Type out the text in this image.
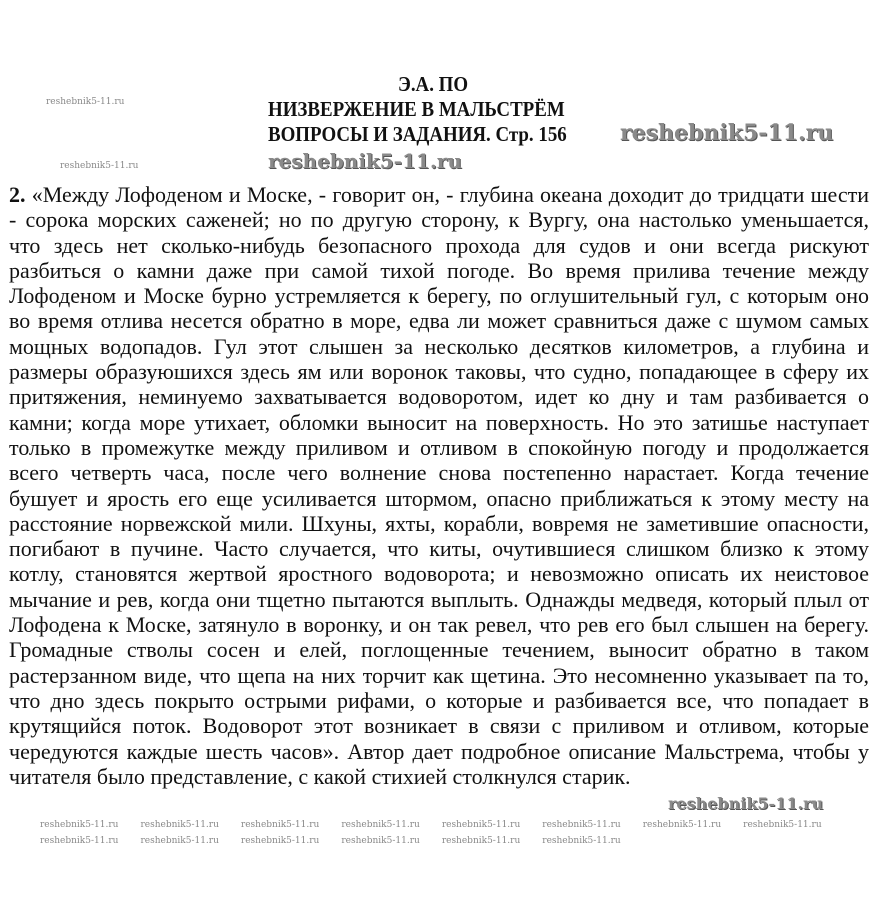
Э.А. ПО
НИЗВЕРЖЕНИЕ В МАЛЬСТРЁМ
ВОПРОСЫ И ЗАДАНИЯ. Стр. 156 reshebnik5-11.ru
reshebnik5-11.ru
reshebnik5-11.ru
reshebnik5-11.ru
2. «Между Лофоденом и Моске, - говорит он, - глубина океана доходит до тридцати шести
- сорока морских саженей; но по другую сторону, к Вургу, она настолько уменьшается,
что здесь нет сколько-нибудь безопасного прохода для судов и они всегда рискуют
разбиться о камни даже при самой тихой погоде. Во время прилива течение между
Лофоденом и Моске бурно устремляется к берегу, по оглушительный гул, с которым оно
во время отлива несется обратно в море, едва ли может сравниться даже с шумом самых
мощных водопадов. Гул этот слышен за несколько десятков километров, а глубина и
размеры образуюшихся здесь ям или воронок таковы, что судно, попадающее в сферу их
притяжения, неминуемо захватывается водоворотом, идет ко дну и там разбивается о
камни; когда море утихает, обломки выносит на поверхность. Но это затишье наступает
только в промежутке между приливом и отливом в спокойную погоду и продолжается
всего четверть часа, после чего волнение снова постепенно нарастает. Когда течение
бушует и ярость его еще усиливается штормом, опасно приближаться к этому месту на
расстояние норвежской мили. Шхуны, яхты, корабли, вовремя не заметившие опасности,
погибают в пучине. Часто случается, что киты, очутившиеся слишком близко к этому
котлу, становятся жертвой яростного водоворота; и невозможно описать их неистовое
мычание и рев, когда они тщетно пытаются выплыть. Однажды медведя, который плыл от
Лофодена к Моске, затянуло в воронку, и он так ревел, что рев его был слышен на берегу.
Громадные стволы сосен и елей, поглощенные течением, выносит обратно в таком
растерзанном виде, что щепа на них торчит как щетина. Это несомненно указывает па то,
что дно здесь покрыто острыми рифами, о которые и разбивается все, что попадает в
крутящийся поток. Водоворот этот возникает в связи с приливом и отливом, которые
чередуются каждые шесть часов». Автор дает подробное описание Мальстрема, чтобы у
читателя было представление, с какой стихией столкнулся старик.
reshebnik5-11.ru
reshebnik5-11.ru reshebnik5-11.ru reshebnik5-11.ru reshebnik5-11.ru reshebnik5-11.ru reshebnik5-11.ru reshebnik5-11.ru reshebnik5-11.ru
reshebnik5-11.ru reshebnik5-11.ru reshebnik5-11.ru reshebnik5-11.ru reshebnik5-11.ru reshebnik5-11.ru
